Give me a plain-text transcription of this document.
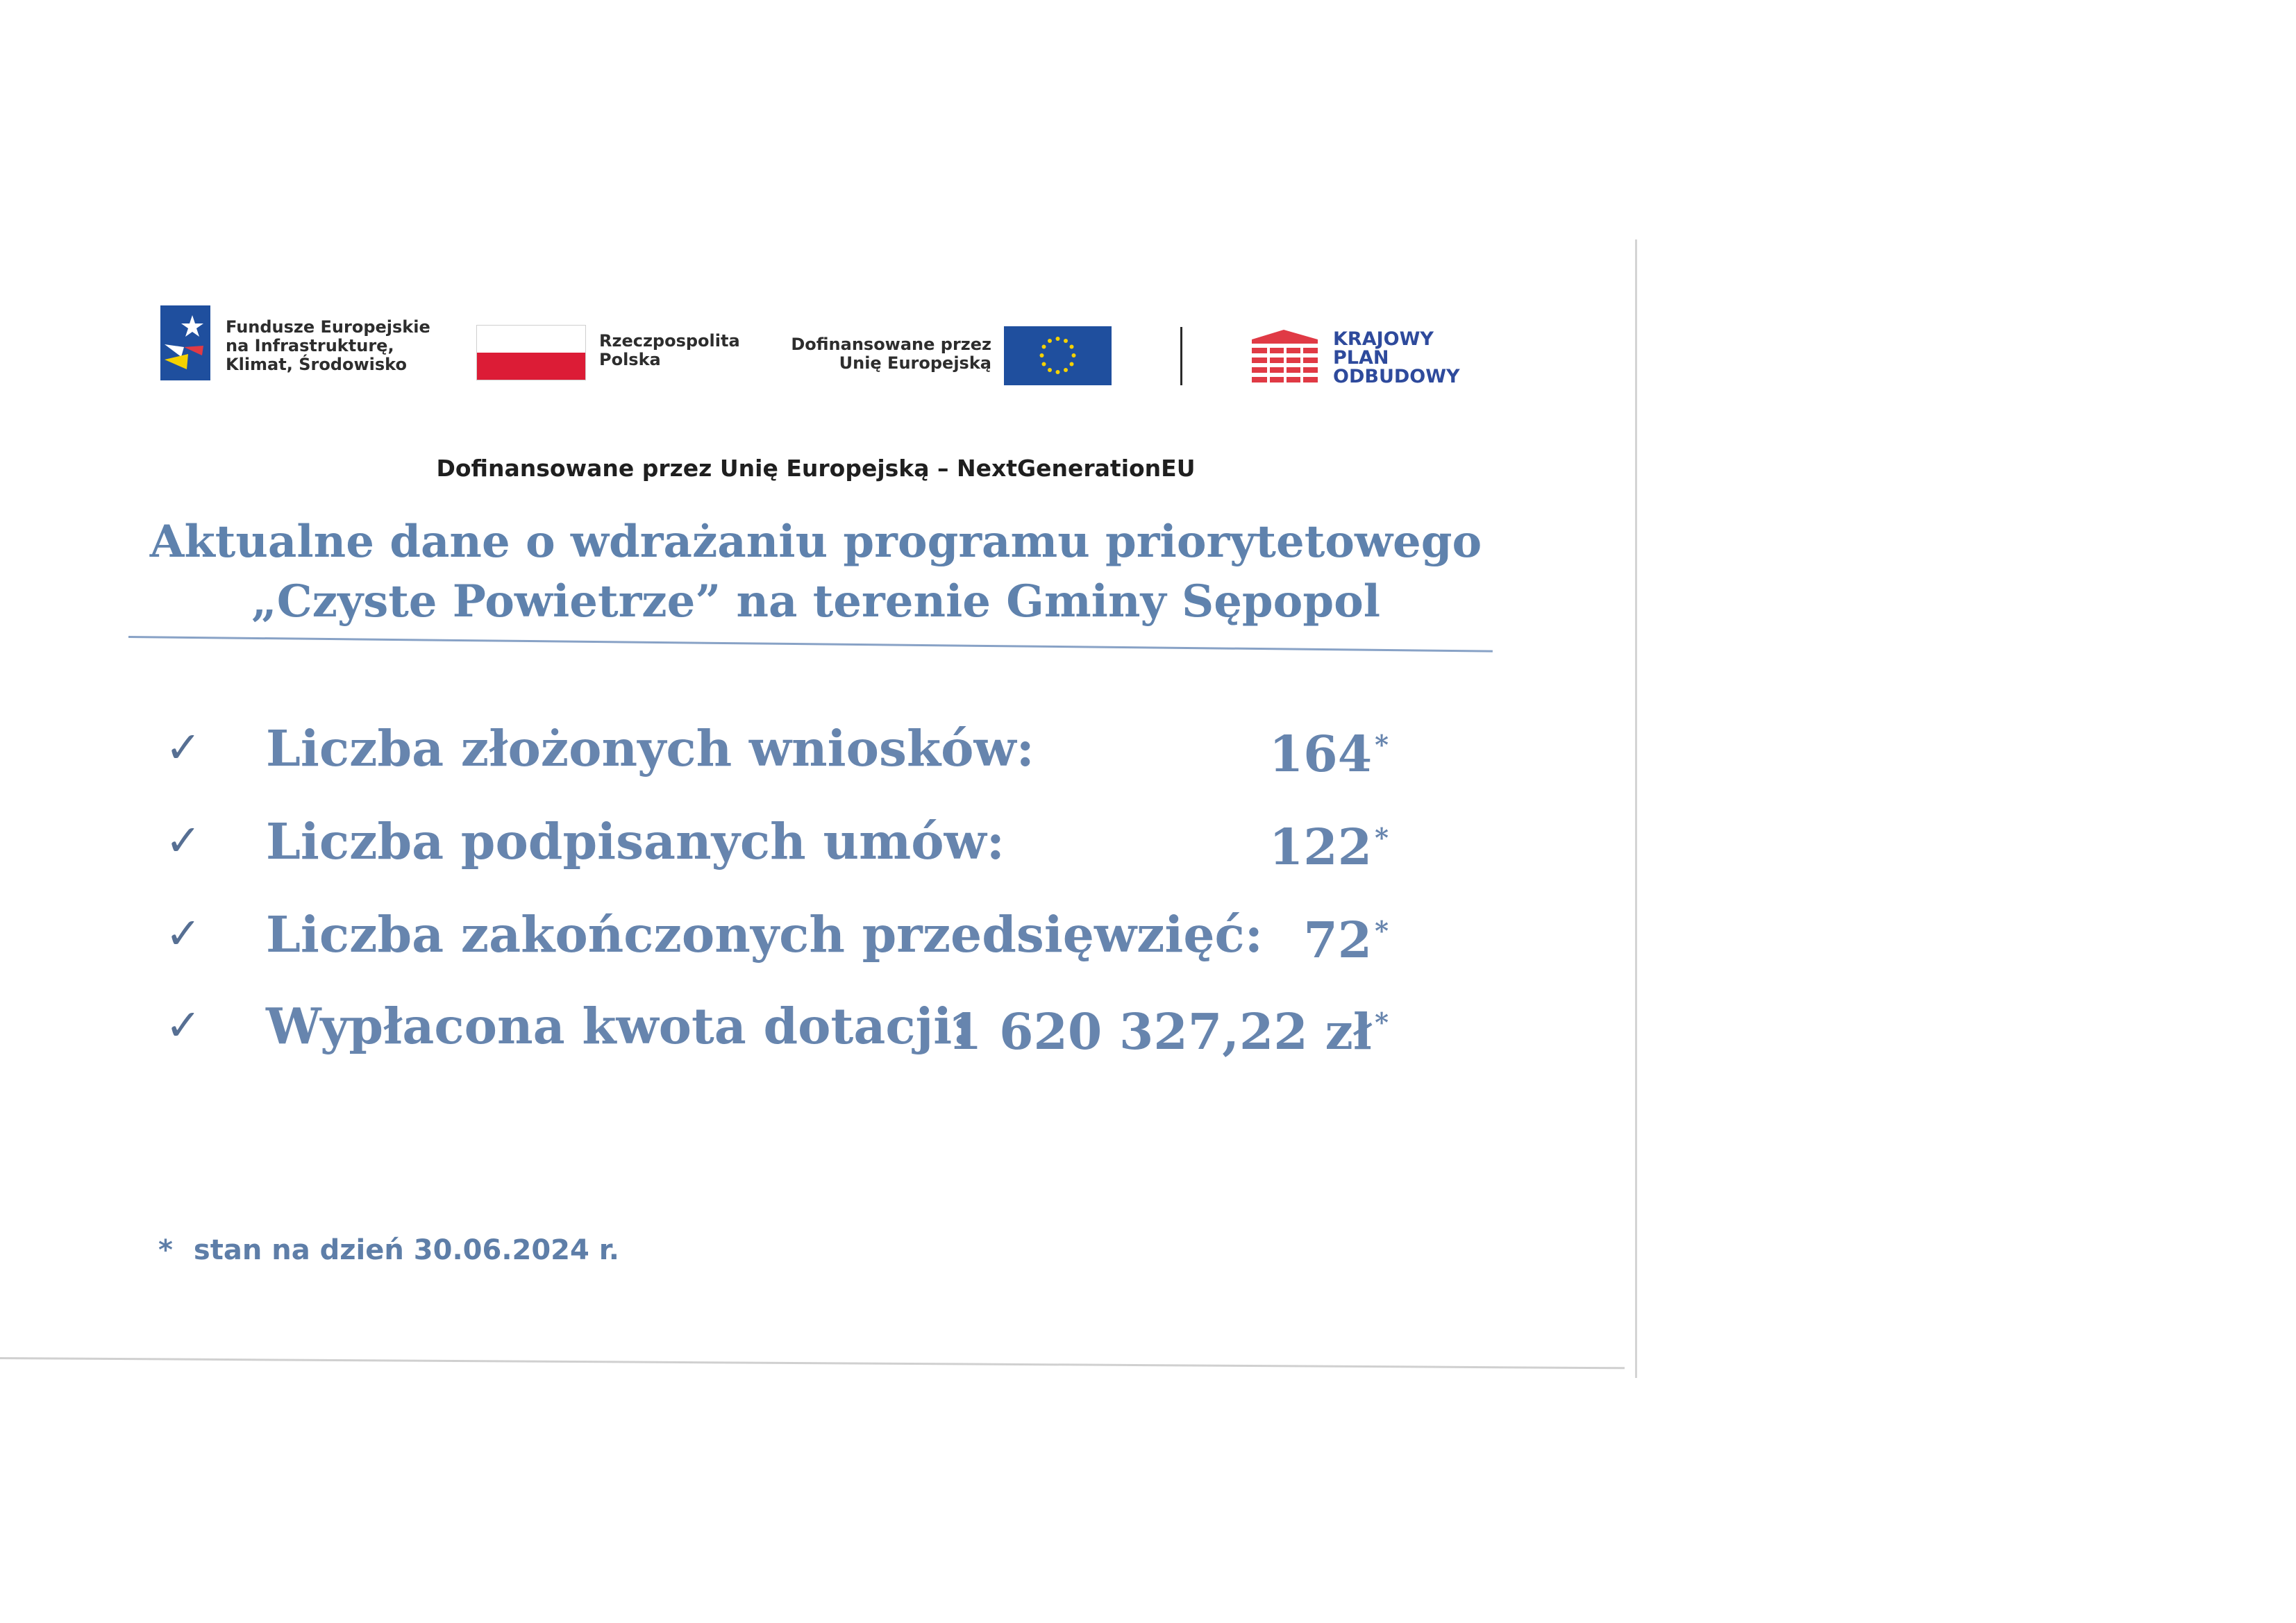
Fundusze Europejskie
na Infrastrukturę,
Klimat, Środowisko
Rzeczpospolita
Polska
Dofinansowane przez
Unię Europejską
KRAJOWY
PLAN
ODBUDOWY
Dofinansowane przez Unię Europejską – NextGenerationEU
Aktualne dane o wdrażaniu programu priorytetowego
„Czyste Powietrze” na terenie Gminy Sępopol
✓ Liczba złożonych wniosków:	164 *
✓ Liczba podpisanych umów:	122 *
✓ Liczba zakończonych przedsięwzięć: 72 *
✓ Wypłacona kwota dotacji:
1 620 327,22 zł *
* stan na dzień 30.06.2024 r.
